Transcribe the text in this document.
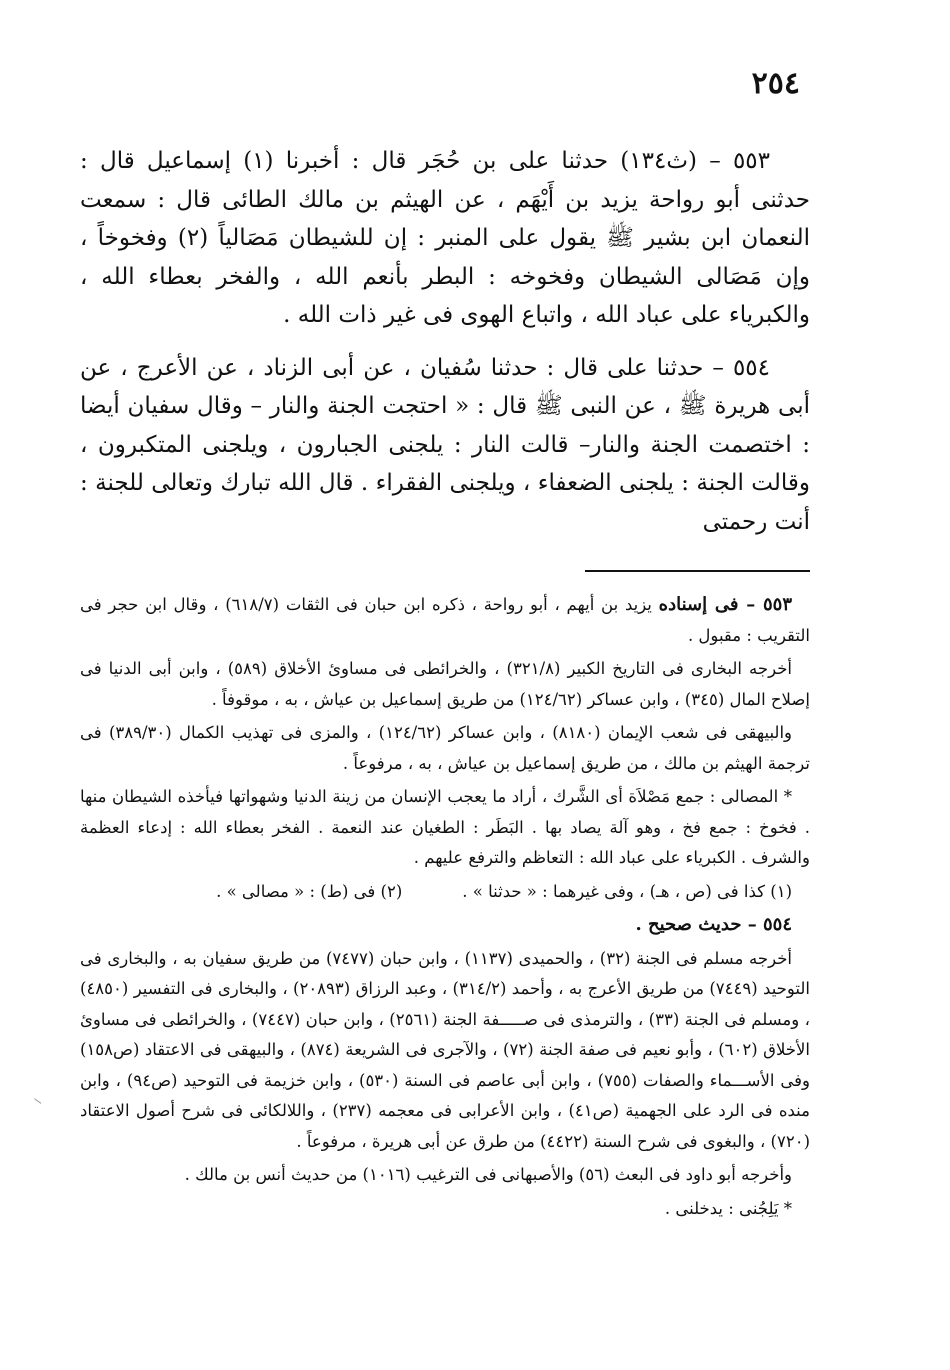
٢٥٤

٥٥٣ – (ث١٣٤) حدثنا على بن حُجَر قال : أخبرنا (١) إسماعيل قال : حدثنى أبو رواحة يزيد بن أَيْهَم ، عن الهيثم بن مالك الطائى قال : سمعت النعمان ابن بشير ﷺ يقول على المنبر : إن للشيطان مَصَالياً (٢) وفخوخاً ، وإن مَصَالى الشيطان وفخوخه : البطر بأنعم الله ، والفخر بعطاء الله ، والكبرياء على عباد الله ، واتباع الهوى فى غير ذات الله .

٥٥٤ – حدثنا على قال : حدثنا سُفيان ، عن أبى الزناد ، عن الأعرج ، عن أبى هريرة ﷺ ، عن النبى ﷺ قال : « احتجت الجنة والنار – وقال سفيان أيضا : اختصمت الجنة والنار– قالت النار : يلجنى الجبارون ، ويلجنى المتكبرون ، وقالت الجنة : يلجنى الضعفاء ، ويلجنى الفقراء . قال الله تبارك وتعالى للجنة : أنت رحمتى

٥٥٣ – فى إسناده يزيد بن أيهم ، أبو رواحة ، ذكره ابن حبان فى الثقات (٦١٨/٧) ، وقال ابن حجر فى التقريب : مقبول .

أخرجه البخارى فى التاريخ الكبير (٣٢١/٨) ، والخرائطى فى مساوئ الأخلاق (٥٨٩) ، وابن أبى الدنيا فى إصلاح المال (٣٤٥) ، وابن عساكر (١٢٤/٦٢) من طريق إسماعيل بن عياش ، به ، موقوفاً .

والبيهقى فى شعب الإيمان (٨١٨٠) ، وابن عساكر (١٢٤/٦٢) ، والمزى فى تهذيب الكمال (٣٨٩/٣٠) فى ترجمة الهيثم بن مالك ، من طريق إسماعيل بن عياش ، به ، مرفوعاً .

* المصالى : جمع مَصْلاَة أى الشَّرك ، أراد ما يعجب الإنسان من زينة الدنيا وشهواتها فيأخذه الشيطان منها . فخوخ : جمع فخ ، وهو آلة يصاد بها . البَطَر : الطغيان عند النعمة . الفخر بعطاء الله : إدعاء العظمة والشرف . الكبرياء على عباد الله : التعاظم والترفع عليهم .

(١) كذا فى (ص ، هـ) ، وفى غيرهما : « حدثنا » .
(٢) فى (ط) : « مصالى » .

٥٥٤ – حديث صحيح .

أخرجه مسلم فى الجنة (٣٢) ، والحميدى (١١٣٧) ، وابن حبان (٧٤٧٧) من طريق سفيان به ، والبخارى فى التوحيد (٧٤٤٩) من طريق الأعرج به ، وأحمد (٣١٤/٢) ، وعبد الرزاق (٢٠٨٩٣) ، والبخارى فى التفسير (٤٨٥٠) ، ومسلم فى الجنة (٣٣) ، والترمذى فى صـــــفة الجنة (٢٥٦١) ، وابن حبان (٧٤٤٧) ، والخرائطى فى مساوئ الأخلاق (٦٠٢) ، وأبو نعيم فى صفة الجنة (٧٢) ، والآجرى فى الشريعة (٨٧٤) ، والبيهقى فى الاعتقاد (ص١٥٨) وفى الأســـماء والصفات (٧٥٥) ، وابن أبى عاصم فى السنة (٥٣٠) ، وابن خزيمة فى التوحيد (ص٩٤) ، وابن منده فى الرد على الجهمية (ص٤١) ، وابن الأعرابى فى معجمه (٢٣٧) ، واللالكائى فى شرح أصول الاعتقاد (٧٢٠) ، والبغوى فى شرح السنة (٤٤٢٢) من طرق عن أبى هريرة ، مرفوعاً .

وأخرجه أبو داود فى البعث (٥٦) والأصبهانى فى الترغيب (١٠١٦) من حديث أنس بن مالك .

* يَلِجُنى : يدخلنى .
